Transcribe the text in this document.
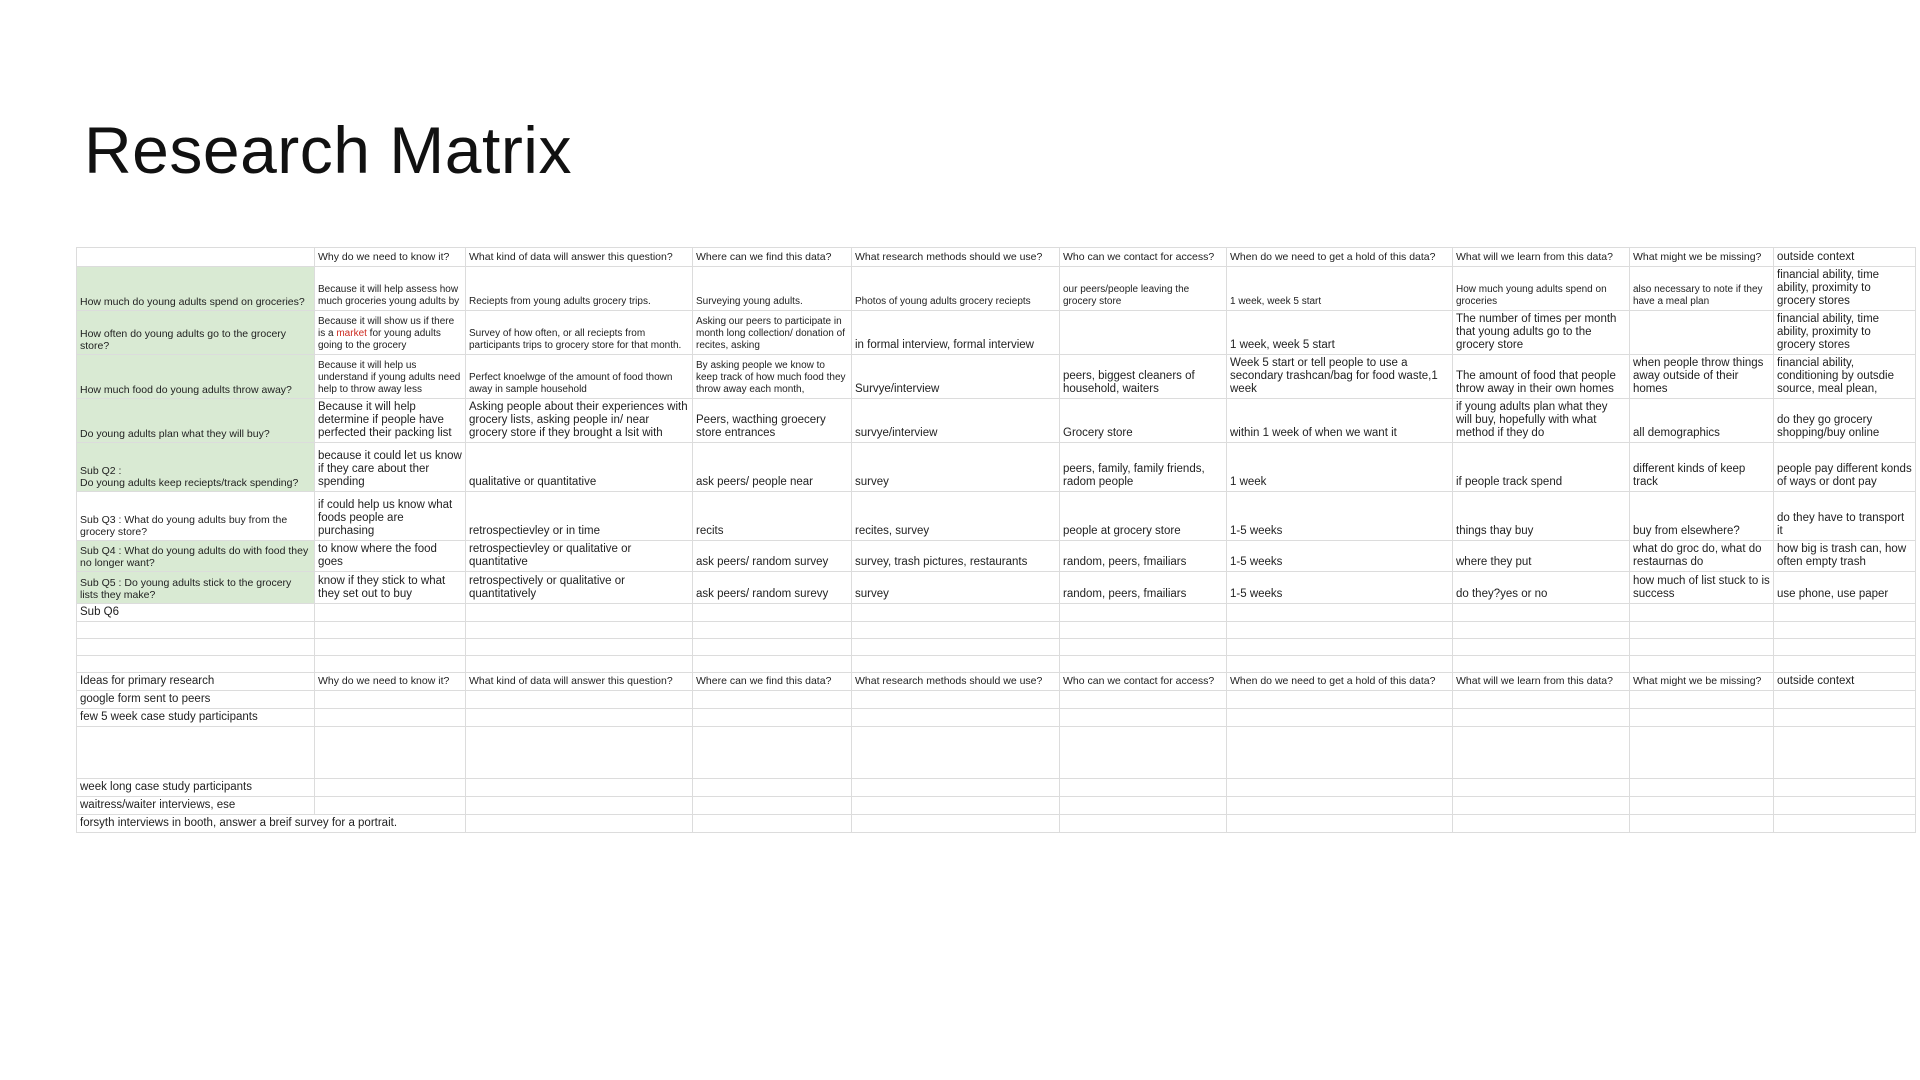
Research Matrix
	Why do we need to know it?	What kind of data will answer this question?	Where can we find this data?	What research methods should we use?	Who can we contact for access?	When do we need to get a hold of this data?	What will we learn from this data?	What might we be missing?	outside context
How much do young adults spend on groceries?	Because it will help assess how much groceries young adults by	Reciepts from young adults grocery trips.	Surveying young adults.	Photos of young adults grocery reciepts	our peers/people leaving the grocery store	1 week, week 5 start	How much young adults spend on groceries	also necessary to note if they have a meal plan	financial ability, time ability, proximity to grocery stores

How often do young adults go to the grocery store?	Because it will show us if there is a market for young adults going to the grocery	Survey of how often, or all reciepts from participants trips to grocery store for that month.	Asking our peers to participate in month long collection/ donation of recites, asking	in formal interview, formal interview		1 week, week 5 start	The number of times per month that young adults go to the grocery store		financial ability, time ability, proximity to grocery stores

How much food do young adults throw away?	Because it will help us understand if young adults need help to throw away less	Perfect knoelwge of the amount of food thown away in sample household	By asking people we know to keep track of how much food they throw away each month,	Survye/interview	peers, biggest cleaners of household, waiters	Week 5 start or tell people to use a secondary trashcan/bag for food waste,1 week	The amount of food that people throw away in their own homes	when people throw things away outside of their homes	financial ability, conditioning by outsdie source, meal plean,

Do young adults plan what they will buy?	Because it will help determine if people have perfected their packing list	Asking people about their experiences with grocery lists, asking people in/ near grocery store if they brought a lsit with	Peers, wacthing groecery store entrances	survye/interview	Grocery store	within 1 week of when we want it	if young adults plan what they will buy, hopefully with what method if they do	all demographics	do they go grocery shopping/buy online
Sub Q2 :
Do young adults keep reciepts/track spending?	because it could let us know if they care about ther spending	qualitative or quantitative	ask peers/ people near	survey	peers, family, family friends, radom people	1 week	if people track spend	different kinds of keep track	people pay different konds of ways or dont pay
Sub Q3 : What do young adults buy from the grocery store?	if could help us know what foods people are purchasing	retrospectievley or in time	recits	recites, survey	people at grocery store	1-5 weeks	things thay buy	buy from elsewhere?	do they have to transport it
Sub Q4 : What do young adults do with food they no longer want?	to know where the food goes	retrospectievley or qualitative or quantitative	ask peers/ random survey	survey, trash pictures, restaurants	random, peers, fmailiars	1-5 weeks	where they put	what do groc do, what do restaurnas do	how big is trash can, how often empty trash
Sub Q5 : Do young adults stick to the grocery lists they make?	know if they stick to what they set out to buy	retrospectively or qualitative or quantitatively	ask peers/ random surevy	survey	random, peers, fmailiars	1-5 weeks	do they?yes or no	how much of list stuck to is success	use phone, use paper
Sub Q6									

Ideas for primary research	Why do we need to know it?	What kind of data will answer this question?	Where can we find this data?	What research methods should we use?	Who can we contact for access?	When do we need to get a hold of this data?	What will we learn from this data?	What might we be missing?	outside context
google form sent to peers									
few 5 week case study participants									

week long case study participants									
waitress/waiter interviews, ese									
forsyth interviews in booth, answer a breif survey for a portrait.									
